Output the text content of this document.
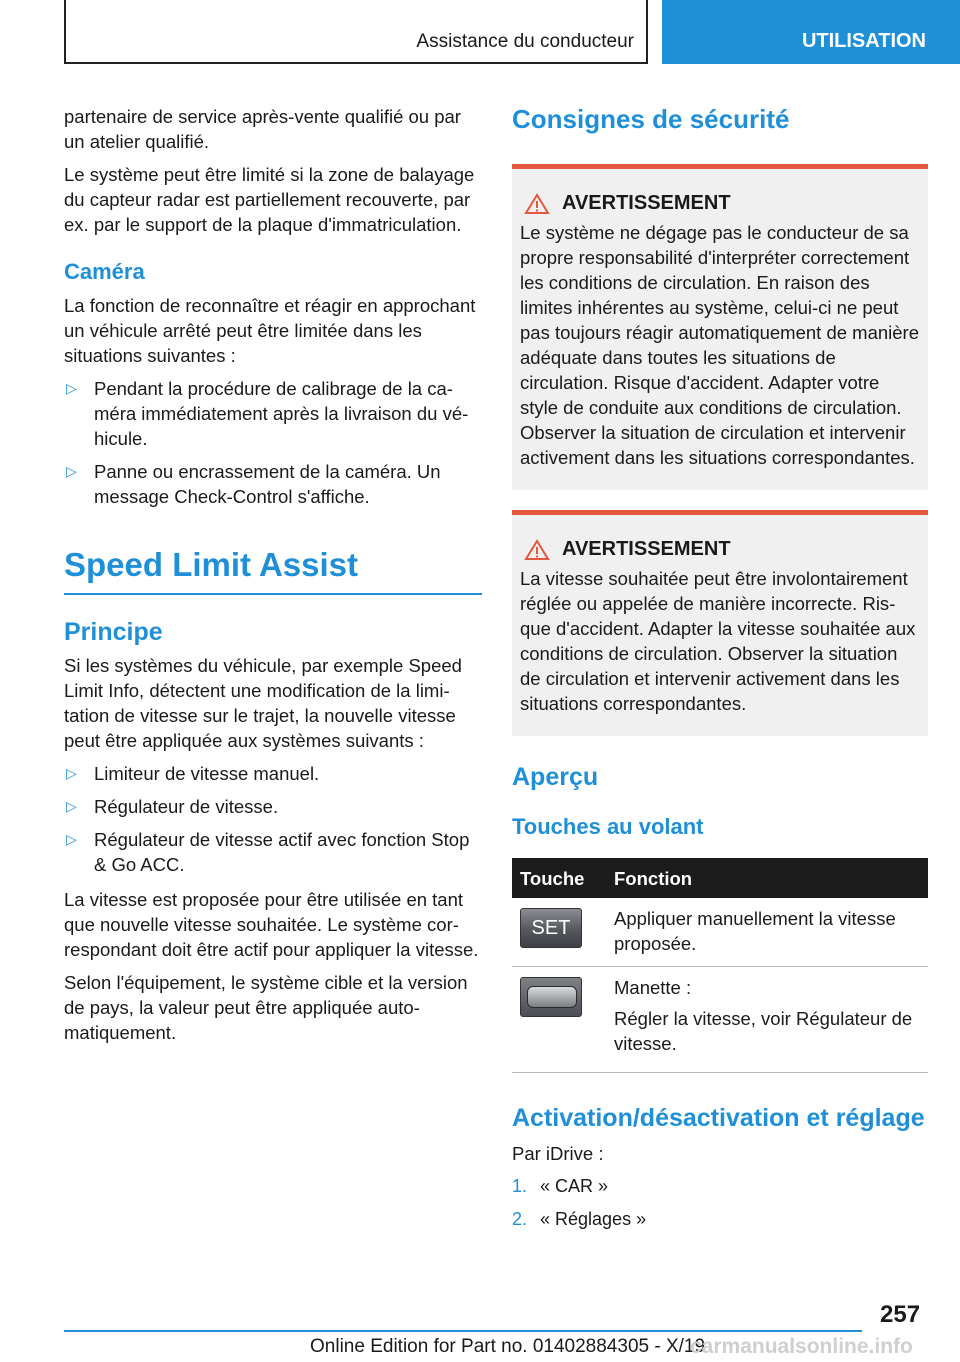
Assistance du conducteur	UTILISATION

partenaire de service après-vente qualifié ou par un atelier qualifié.

Le système peut être limité si la zone de balayage du capteur radar est partiellement recouverte, par ex. par le support de la plaque d'immatriculation.

Caméra

La fonction de reconnaître et réagir en approchant un véhicule arrêté peut être limitée dans les situations suivantes :

▷ Pendant la procédure de calibrage de la caméra immédiatement après la livraison du véhicule.
▷ Panne ou encrassement de la caméra. Un message Check-Control s'affiche.
Speed Limit Assist
Principe

Si les systèmes du véhicule, par exemple Speed Limit Info, détectent une modification de la limitation de vitesse sur le trajet, la nouvelle vitesse peut être appliquée aux systèmes suivants :

▷ Limiteur de vitesse manuel.
▷ Régulateur de vitesse.
▷ Régulateur de vitesse actif avec fonction Stop & Go ACC.

La vitesse est proposée pour être utilisée en tant que nouvelle vitesse souhaitée. Le système correspondant doit être actif pour appliquer la vitesse.

Selon l'équipement, le système cible et la version de pays, la valeur peut être appliquée automatiquement.

Consignes de sécurité
AVERTISSEMENT
Le système ne dégage pas le conducteur de sa propre responsabilité d'interpréter correctement les conditions de circulation. En raison des limites inhérentes au système, celui-ci ne peut pas toujours réagir automatiquement de manière adéquate dans toutes les situations de circulation. Risque d'accident. Adapter votre style de conduite aux conditions de circulation. Observer la situation de circulation et intervenir activement dans les situations correspondantes.
AVERTISSEMENT
La vitesse souhaitée peut être involontairement réglée ou appelée de manière incorrecte. Risque d'accident. Adapter la vitesse souhaitée aux conditions de circulation. Observer la situation de circulation et intervenir activement dans les situations correspondantes.
Aperçu
Touches au volant
Touche	Fonction

SET	Appliquer manuellement la vitesse proposée.

	Manette :

Régler la vitesse, voir Régulateur de vitesse.

Activation/désactivation et réglage

Par iDrive :

1. « CAR »
2. « Réglages »
257
Online Edition for Part no. 01402884305 - X/19
carmanualsonline.info
